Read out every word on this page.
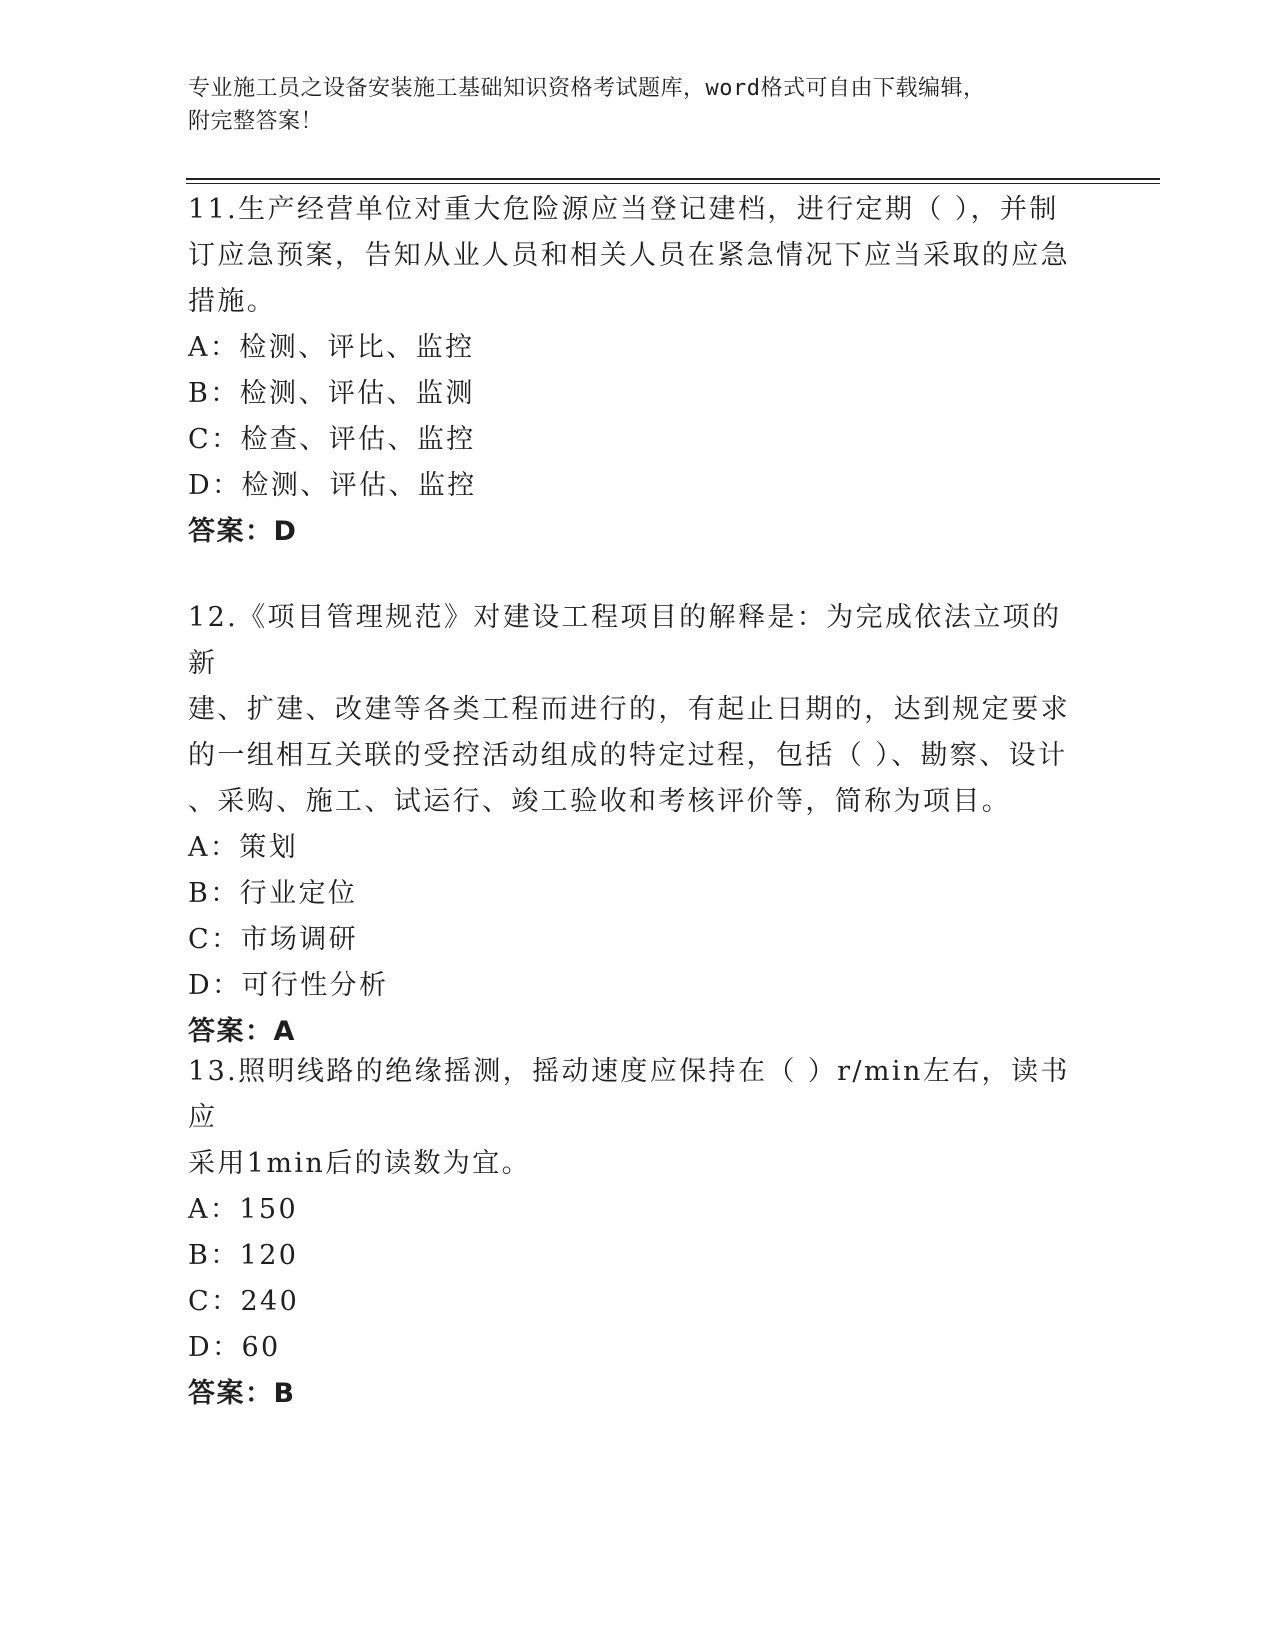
专业施工员之设备安装施工基础知识资格考试题库，word格式可自由下载编辑，
附完整答案！

11.生产经营单位对重大危险源应当登记建档，进行定期（ ），并制

订应急预案，告知从业人员和相关人员在紧急情况下应当采取的应急

措施。

A：检测、评比、监控

B：检测、评估、监测

C：检查、评估、监控

D：检测、评估、监控

答案：D

12.《项目管理规范》对建设工程项目的解释是：为完成依法立项的新

建、扩建、改建等各类工程而进行的，有起止日期的，达到规定要求

的一组相互关联的受控活动组成的特定过程，包括（ ）、勘察、设计

、采购、施工、试运行、竣工验收和考核评价等，简称为项目。

A：策划

B：行业定位

C：市场调研

D：可行性分析

答案：A

13.照明线路的绝缘摇测，摇动速度应保持在（ ）r/min左右，读书应

采用1min后的读数为宜。

A：150

B：120

C：240

D：60

答案：B
